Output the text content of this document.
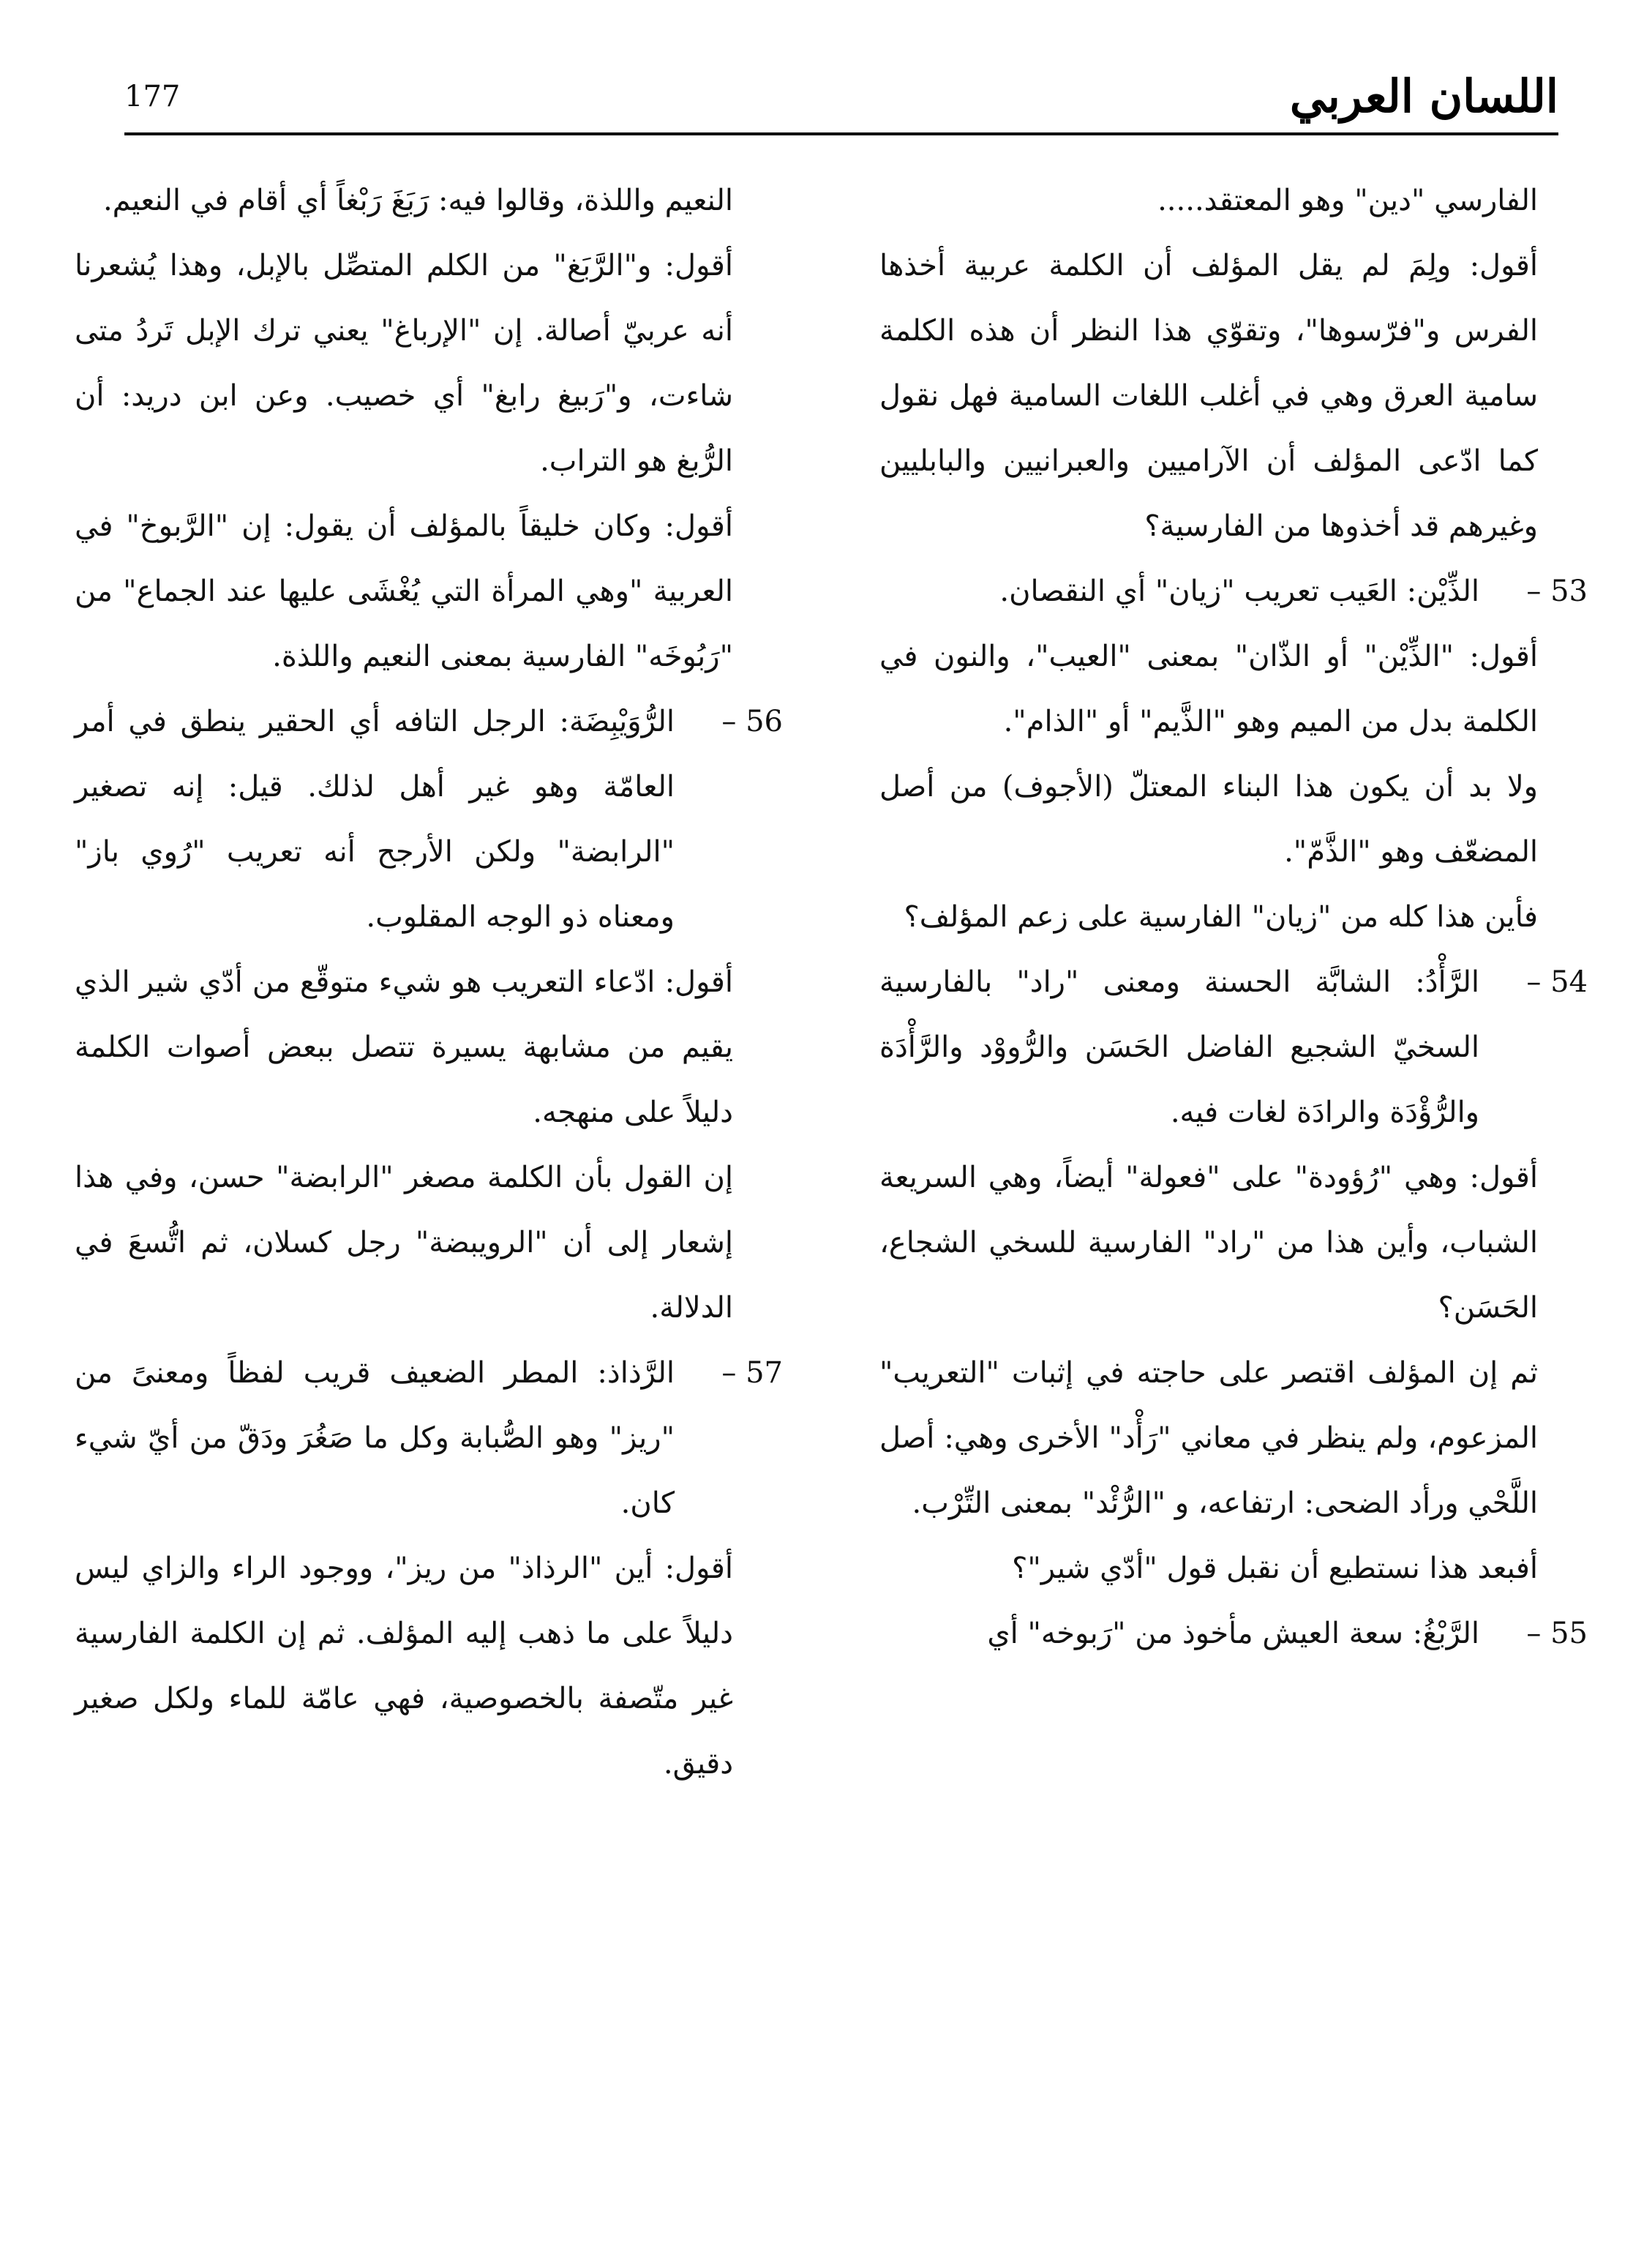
اللسان العربي
177

الفارسي "دين" وهو المعتقد.....

أقول: ولِمَ لم يقل المؤلف أن الكلمة عربية أخذها الفرس و"فرّسوها"، وتقوّي هذا النظر أن هذه الكلمة سامية العرق وهي في أغلب اللغات السامية فهل نقول كما ادّعى المؤلف أن الآراميين والعبرانيين والبابليين وغيرهم قد أخذوها من الفارسية؟

53 –
الذِّيْن: العَيب تعريب "زيان" أي النقصان.

أقول: "الذِّيْن" أو الذّان" بمعنى "العيب"، والنون في الكلمة بدل من الميم وهو "الذَّيم" أو "الذام".

ولا بد أن يكون هذا البناء المعتلّ (الأجوف) من أصل المضعّف وهو "الذَّمّ".

فأين هذا كله من "زيان" الفارسية على زعم المؤلف؟

54 –
الرَّأْدُ: الشابَّة الحسنة ومعنى "راد" بالفارسية السخيّ الشجيع الفاضل الحَسَن والرُّووْد والرَّأْدَة والرُّؤْدَة والرادَة لغات فيه.

أقول: وهي "رُؤودة" على "فعولة" أيضاً، وهي السريعة الشباب، وأين هذا من "راد" الفارسية للسخي الشجاع، الحَسَن؟

ثم إن المؤلف اقتصر على حاجته في إثبات "التعريب" المزعوم، ولم ينظر في معاني "رَأْد" الأخرى وهي: أصل اللَّحْي ورأد الضحى: ارتفاعه، و "الرُّئْد" بمعنى التِّرْب.

أفبعد هذا نستطيع أن نقبل قول "أدّي شير"؟

55 –
الرَّبْغُ: سعة العيش مأخوذ من "رَبوخه" أي

النعيم واللذة، وقالوا فيه: رَبَغَ رَبْغاً أي أقام في النعيم.

أقول: و"الرَّبَغ" من الكلم المتصِّل بالإبل، وهذا يُشعرنا أنه عربيّ أصالة. إن "الإرباغ" يعني ترك الإبل تَردُ متى شاءت، و"رَبيغ رابغ" أي خصيب. وعن ابن دريد: أن الرُّبغ هو التراب.

أقول: وكان خليقاً بالمؤلف أن يقول: إن "الرَّبوخ" في العربية "وهي المرأة التي يُغْشَى عليها عند الجماع" من "رَبُوخَه" الفارسية بمعنى النعيم واللذة.

56 –
الرُّوَيْبِضَة: الرجل التافه أي الحقير ينطق في أمر العامّة وهو غير أهل لذلك. قيل: إنه تصغير "الرابضة" ولكن الأرجح أنه تعريب "رُوي باز" ومعناه ذو الوجه المقلوب.

أقول: ادّعاء التعريب هو شيء متوقّع من أدّي شير الذي يقيم من مشابهة يسيرة تتصل ببعض أصوات الكلمة دليلاً على منهجه.

إن القول بأن الكلمة مصغر "الرابضة" حسن، وفي هذا إشعار إلى أن "الرويبضة" رجل كسلان، ثم اتُّسعَ في الدلالة.

57 –
الرَّذاذ: المطر الضعيف قريب لفظاً ومعنىً من "ريز" وهو الصُّبابة وكل ما صَغُرَ ودَقّ من أيّ شيء كان.

أقول: أين "الرذاذ" من ريز"، ووجود الراء والزاي ليس دليلاً على ما ذهب إليه المؤلف. ثم إن الكلمة الفارسية غير متّصفة بالخصوصية، فهي عامّة للماء ولكل صغير دقيق.
